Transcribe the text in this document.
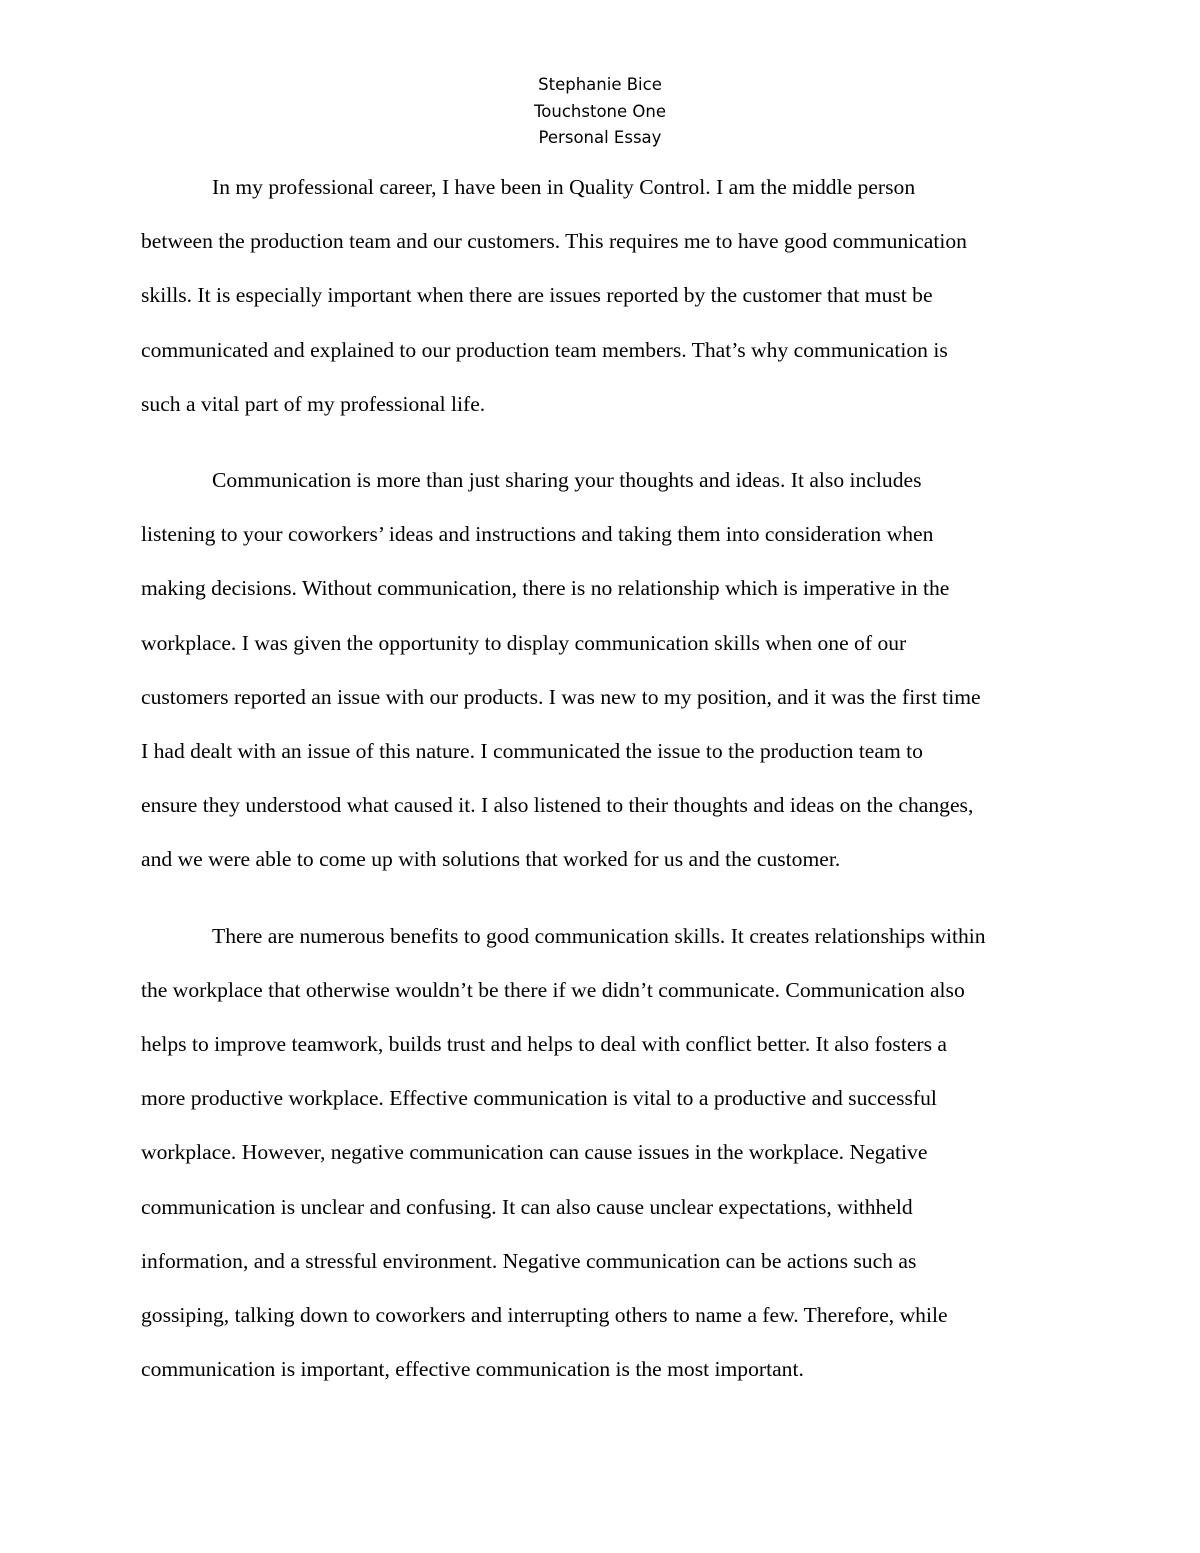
Stephanie Bice
Touchstone One
Personal Essay
In my professional career, I have been in Quality Control. I am the middle person
between the production team and our customers. This requires me to have good communication
skills. It is especially important when there are issues reported by the customer that must be
communicated and explained to our production team members. That’s why communication is
such a vital part of my professional life.
Communication is more than just sharing your thoughts and ideas. It also includes
listening to your coworkers’ ideas and instructions and taking them into consideration when
making decisions. Without communication, there is no relationship which is imperative in the
workplace. I was given the opportunity to display communication skills when one of our
customers reported an issue with our products. I was new to my position, and it was the first time
I had dealt with an issue of this nature. I communicated the issue to the production team to
ensure they understood what caused it. I also listened to their thoughts and ideas on the changes,
and we were able to come up with solutions that worked for us and the customer.
There are numerous benefits to good communication skills. It creates relationships within
the workplace that otherwise wouldn’t be there if we didn’t communicate. Communication also
helps to improve teamwork, builds trust and helps to deal with conflict better. It also fosters a
more productive workplace. Effective communication is vital to a productive and successful
workplace. However, negative communication can cause issues in the workplace. Negative
communication is unclear and confusing. It can also cause unclear expectations, withheld
information, and a stressful environment. Negative communication can be actions such as
gossiping, talking down to coworkers and interrupting others to name a few. Therefore, while
communication is important, effective communication is the most important.
